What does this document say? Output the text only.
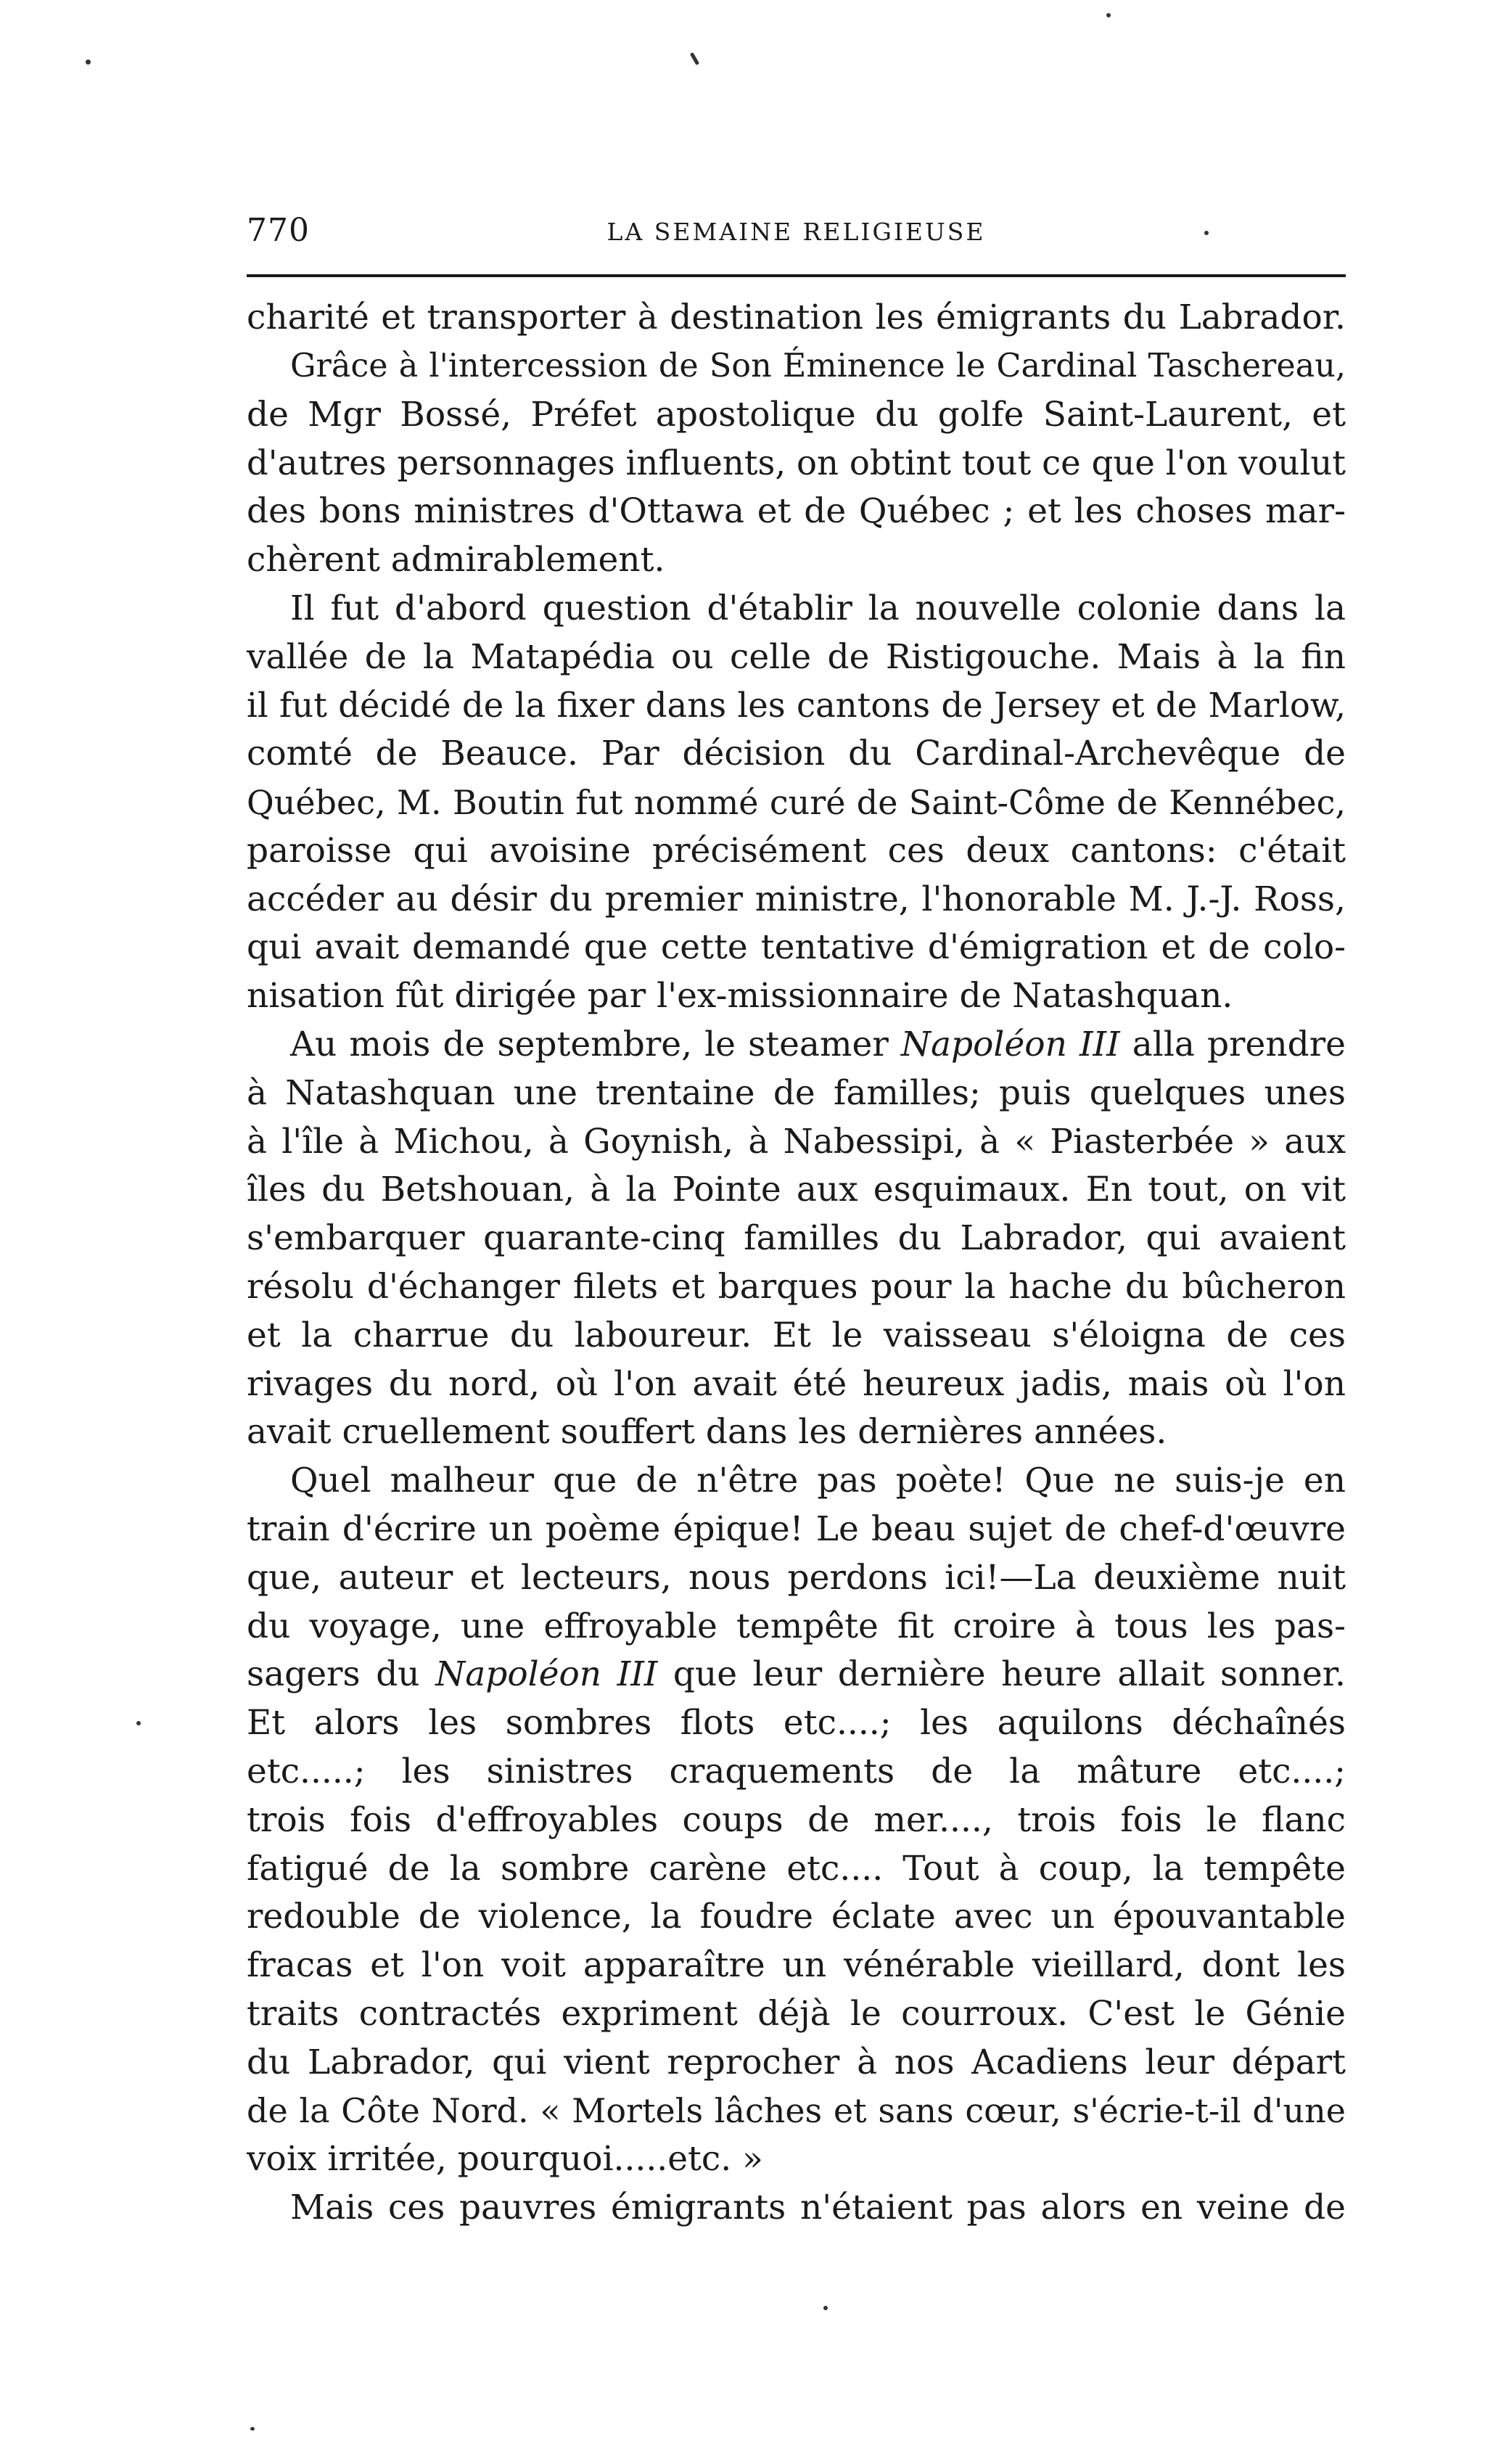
770	LA SEMAINE RELIGIEUSE
charité et transporter à destination les émigrants du Labrador.
Grâce à l'intercession de Son Éminence le Cardinal Taschereau,
de Mgr Bossé, Préfet apostolique du golfe Saint-Laurent, et
d'autres personnages influents, on obtint tout ce que l'on voulut
des bons ministres d'Ottawa et de Québec ; et les choses mar-
chèrent admirablement.
Il fut d'abord question d'établir la nouvelle colonie dans la
vallée de la Matapédia ou celle de Ristigouche. Mais à la fin
il fut décidé de la fixer dans les cantons de Jersey et de Marlow,
comté de Beauce. Par décision du Cardinal-Archevêque de
Québec, M. Boutin fut nommé curé de Saint-Côme de Kennébec,
paroisse qui avoisine précisément ces deux cantons: c'était
accéder au désir du premier ministre, l'honorable M. J.-J. Ross,
qui avait demandé que cette tentative d'émigration et de colo-
nisation fût dirigée par l'ex-missionnaire de Natashquan.
Au mois de septembre, le steamer Napoléon III alla prendre
à Natashquan une trentaine de familles; puis quelques unes
à l'île à Michou, à Goynish, à Nabessipi, à « Piasterbée » aux
îles du Betshouan, à la Pointe aux esquimaux. En tout, on vit
s'embarquer quarante-cinq familles du Labrador, qui avaient
résolu d'échanger filets et barques pour la hache du bûcheron
et la charrue du laboureur. Et le vaisseau s'éloigna de ces
rivages du nord, où l'on avait été heureux jadis, mais où l'on
avait cruellement souffert dans les dernières années.
Quel malheur que de n'être pas poète! Que ne suis-je en
train d'écrire un poème épique! Le beau sujet de chef-d'œuvre
que, auteur et lecteurs, nous perdons ici!—La deuxième nuit
du voyage, une effroyable tempête fit croire à tous les pas-
sagers du Napoléon III que leur dernière heure allait sonner.
Et alors les sombres flots etc....; les aquilons déchaînés
etc.....; les sinistres craquements de la mâture etc....;
trois fois d'effroyables coups de mer...., trois fois le flanc
fatigué de la sombre carène etc.... Tout à coup, la tempête
redouble de violence, la foudre éclate avec un épouvantable
fracas et l'on voit apparaître un vénérable vieillard, dont les
traits contractés expriment déjà le courroux. C'est le Génie
du Labrador, qui vient reprocher à nos Acadiens leur départ
de la Côte Nord. « Mortels lâches et sans cœur, s'écrie-t-il d'une
voix irritée, pourquoi.....etc. »
Mais ces pauvres émigrants n'étaient pas alors en veine de
